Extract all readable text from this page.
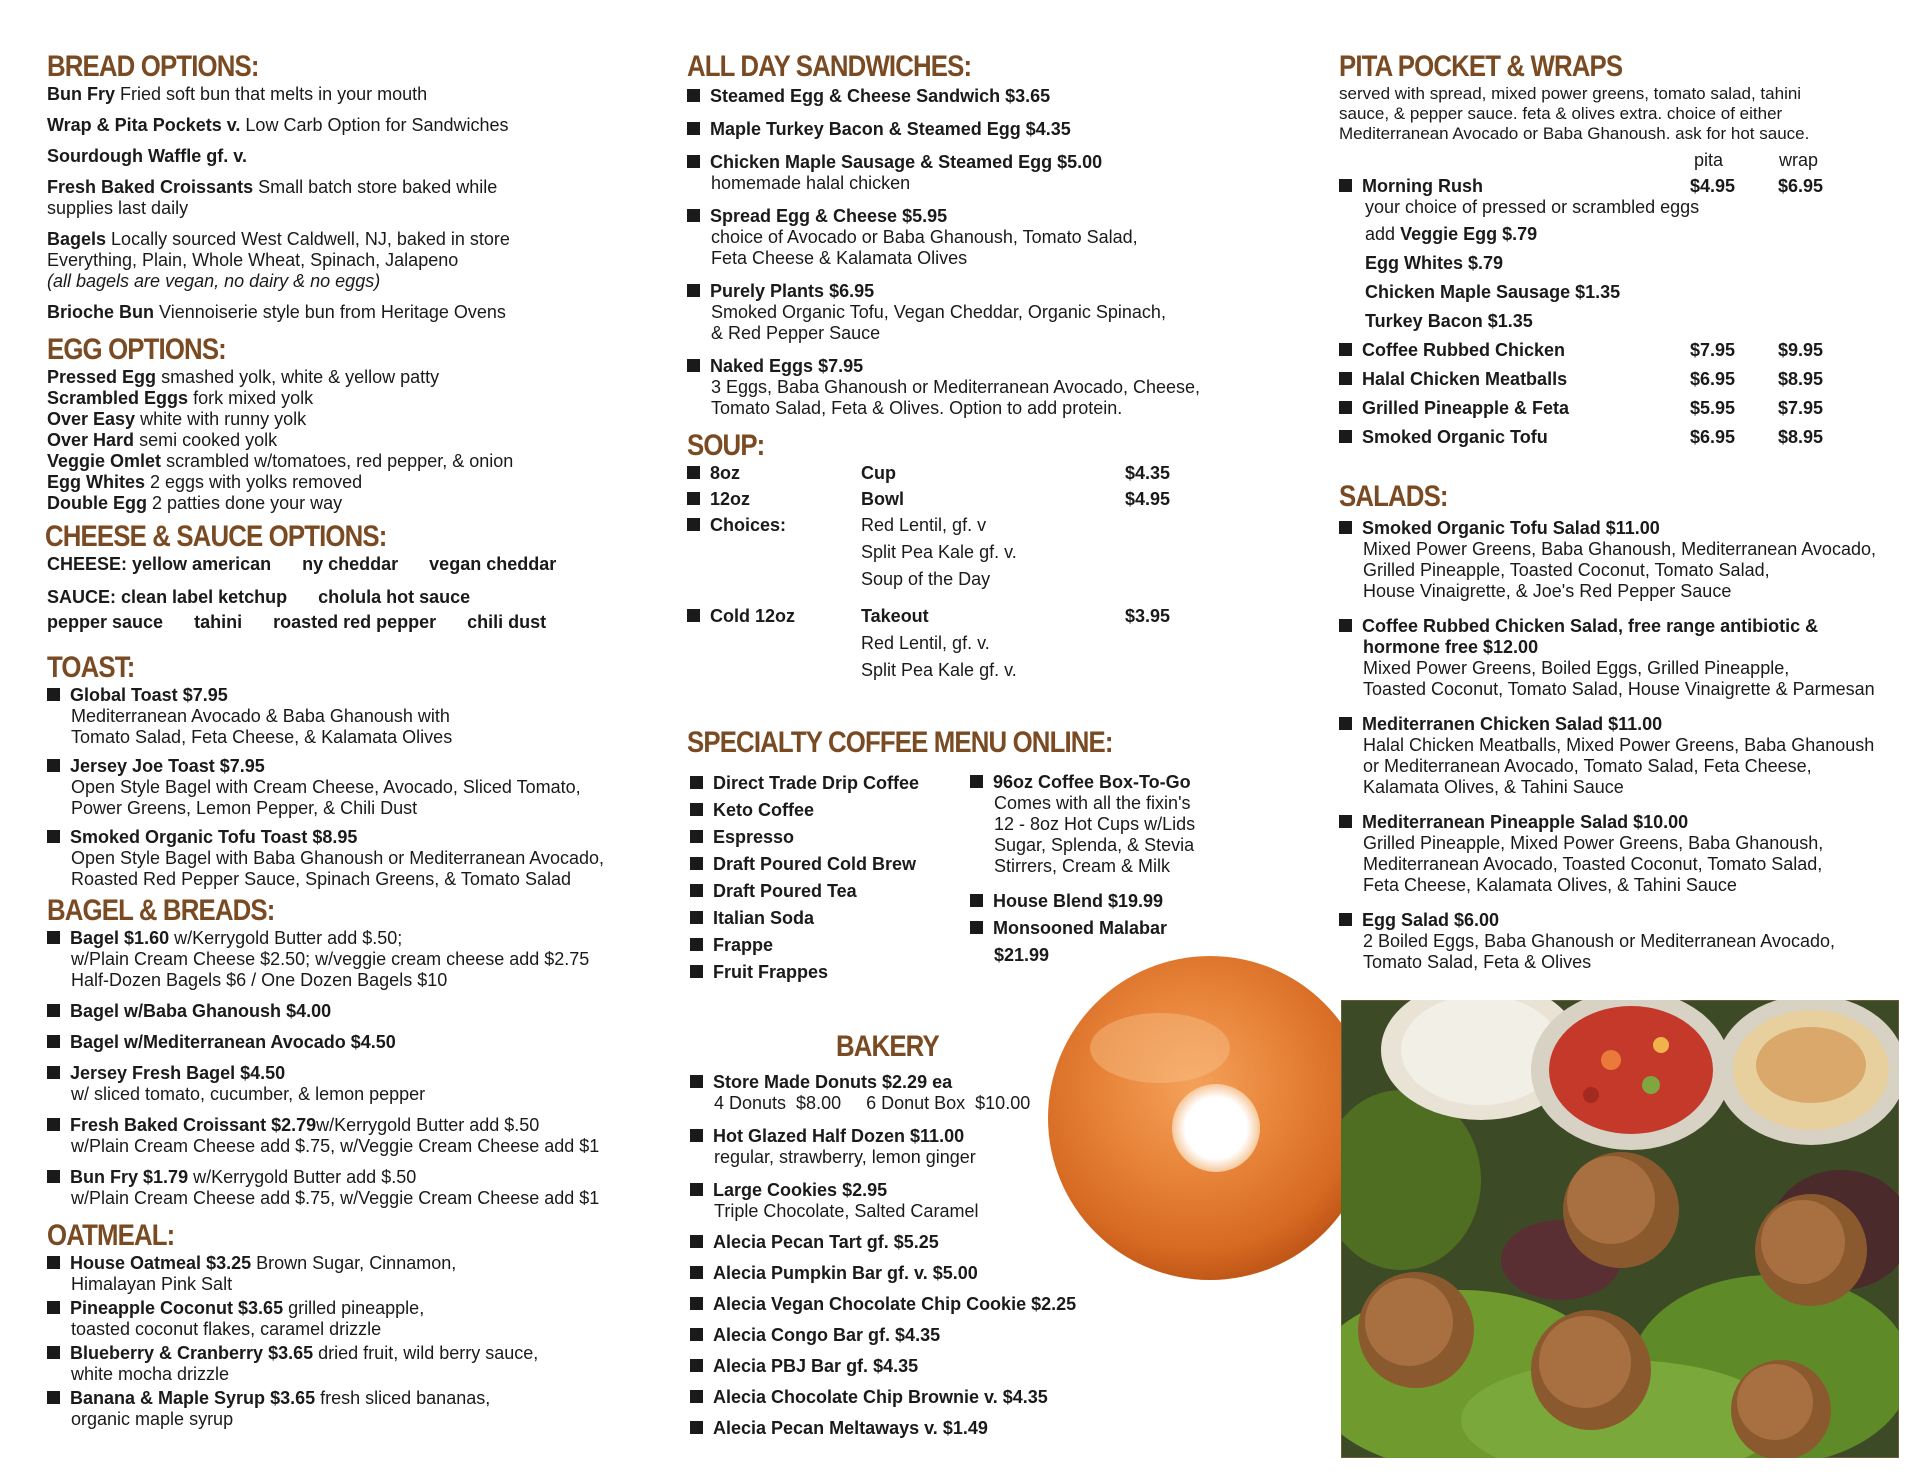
BREAD OPTIONS:
Bun Fry Fried soft bun that melts in your mouth
Wrap & Pita Pockets v. Low Carb Option for Sandwiches
Sourdough Waffle gf. v.
Fresh Baked Croissants Small batch store baked while
supplies last daily
Bagels Locally sourced West Caldwell, NJ, baked in store
Everything, Plain, Whole Wheat, Spinach, Jalapeno
(all bagels are vegan, no dairy & no eggs)
Brioche Bun Viennoiserie style bun from Heritage Ovens
EGG OPTIONS:
Pressed Egg smashed yolk, white & yellow patty
Scrambled Eggs fork mixed yolk
Over Easy white with runny yolk
Over Hard semi cooked yolk
Veggie Omlet scrambled w/tomatoes, red pepper, & onion
Egg Whites 2 eggs with yolks removed
Double Egg 2 patties done your way
CHEESE & SAUCE OPTIONS:
CHEESE: yellow american ny cheddar vegan cheddar
SAUCE: clean label ketchup cholula hot sauce
pepper sauce tahini roasted red pepper chili dust
TOAST:
Global Toast $7.95
Mediterranean Avocado & Baba Ghanoush with
Tomato Salad, Feta Cheese, & Kalamata Olives
Jersey Joe Toast $7.95
Open Style Bagel with Cream Cheese, Avocado, Sliced Tomato,
Power Greens, Lemon Pepper, & Chili Dust
Smoked Organic Tofu Toast $8.95
Open Style Bagel with Baba Ghanoush or Mediterranean Avocado,
Roasted Red Pepper Sauce, Spinach Greens, & Tomato Salad
BAGEL & BREADS:
Bagel $1.60 w/Kerrygold Butter add $.50;
w/Plain Cream Cheese $2.50; w/veggie cream cheese add $2.75
Half-Dozen Bagels $6 / One Dozen Bagels $10
Bagel w/Baba Ghanoush $4.00
Bagel w/Mediterranean Avocado $4.50
Jersey Fresh Bagel $4.50
w/ sliced tomato, cucumber, & lemon pepper
Fresh Baked Croissant $2.79w/Kerrygold Butter add $.50
w/Plain Cream Cheese add $.75, w/Veggie Cream Cheese add $1
Bun Fry $1.79 w/Kerrygold Butter add $.50
w/Plain Cream Cheese add $.75, w/Veggie Cream Cheese add $1
OATMEAL:
House Oatmeal $3.25 Brown Sugar, Cinnamon,
Himalayan Pink Salt
Pineapple Coconut $3.65 grilled pineapple,
toasted coconut flakes, caramel drizzle
Blueberry & Cranberry $3.65 dried fruit, wild berry sauce,
white mocha drizzle
Banana & Maple Syrup $3.65 fresh sliced bananas,
organic maple syrup
ALL DAY SANDWICHES:
Steamed Egg & Cheese Sandwich $3.65
Maple Turkey Bacon & Steamed Egg $4.35
Chicken Maple Sausage & Steamed Egg $5.00
homemade halal chicken
Spread Egg & Cheese $5.95
choice of Avocado or Baba Ghanoush, Tomato Salad,
Feta Cheese & Kalamata Olives
Purely Plants $6.95
Smoked Organic Tofu, Vegan Cheddar, Organic Spinach,
& Red Pepper Sauce
Naked Eggs $7.95
3 Eggs, Baba Ghanoush or Mediterranean Avocado, Cheese,
Tomato Salad, Feta & Olives. Option to add protein.
SOUP:
8oz	Cup	$4.35
12oz	Bowl	$4.95
Choices:	Red Lentil, gf. v
Split Pea Kale gf. v.
Soup of the Day
Cold 12oz	Takeout	$3.95
Red Lentil, gf. v.
Split Pea Kale gf. v.
SPECIALTY COFFEE MENU ONLINE:
Direct Trade Drip Coffee
Keto Coffee
Espresso
Draft Poured Cold Brew
Draft Poured Tea
Italian Soda
Frappe
Fruit Frappes
96oz Coffee Box-To-Go
Comes with all the fixin's
12 - 8oz Hot Cups w/Lids
Sugar, Splenda, & Stevia
Stirrers, Cream & Milk
House Blend $19.99
Monsooned Malabar
$21.99
BAKERY
Store Made Donuts $2.29 ea
4 Donuts  $8.00     6 Donut Box  $10.00
Hot Glazed Half Dozen $11.00
regular, strawberry, lemon ginger
Large Cookies $2.95
Triple Chocolate, Salted Caramel
Alecia Pecan Tart gf. $5.25
Alecia Pumpkin Bar gf. v. $5.00
Alecia Vegan Chocolate Chip Cookie $2.25
Alecia Congo Bar gf. $4.35
Alecia PBJ Bar gf. $4.35
Alecia Chocolate Chip Brownie v. $4.35
Alecia Pecan Meltaways v. $1.49
PITA POCKET & WRAPS
served with spread, mixed power greens, tomato salad, tahini
sauce, & pepper sauce. feta & olives extra. choice of either
Mediterranean Avocado or Baba Ghanoush. ask for hot sauce.
pita	wrap
Morning Rush	$4.95 $6.95
your choice of pressed or scrambled eggs
add Veggie Egg $.79
Egg Whites $.79
Chicken Maple Sausage $1.35
Turkey Bacon $1.35
Coffee Rubbed Chicken	$7.95 $9.95
Halal Chicken Meatballs	$6.95 $8.95
Grilled Pineapple & Feta	$5.95 $7.95
Smoked Organic Tofu	$6.95 $8.95
SALADS:
Smoked Organic Tofu Salad $11.00
Mixed Power Greens, Baba Ghanoush, Mediterranean Avocado,
Grilled Pineapple, Toasted Coconut, Tomato Salad,
House Vinaigrette, & Joe's Red Pepper Sauce
Coffee Rubbed Chicken Salad, free range antibiotic &
hormone free $12.00
Mixed Power Greens, Boiled Eggs, Grilled Pineapple,
Toasted Coconut, Tomato Salad, House Vinaigrette & Parmesan
Mediterranen Chicken Salad $11.00
Halal Chicken Meatballs, Mixed Power Greens, Baba Ghanoush
or Mediterranean Avocado, Tomato Salad, Feta Cheese,
Kalamata Olives, & Tahini Sauce
Mediterranean Pineapple Salad $10.00
Grilled Pineapple, Mixed Power Greens, Baba Ghanoush,
Mediterranean Avocado, Toasted Coconut, Tomato Salad,
Feta Cheese, Kalamata Olives, & Tahini Sauce
Egg Salad $6.00
2 Boiled Eggs, Baba Ghanoush or Mediterranean Avocado,
Tomato Salad, Feta & Olives
